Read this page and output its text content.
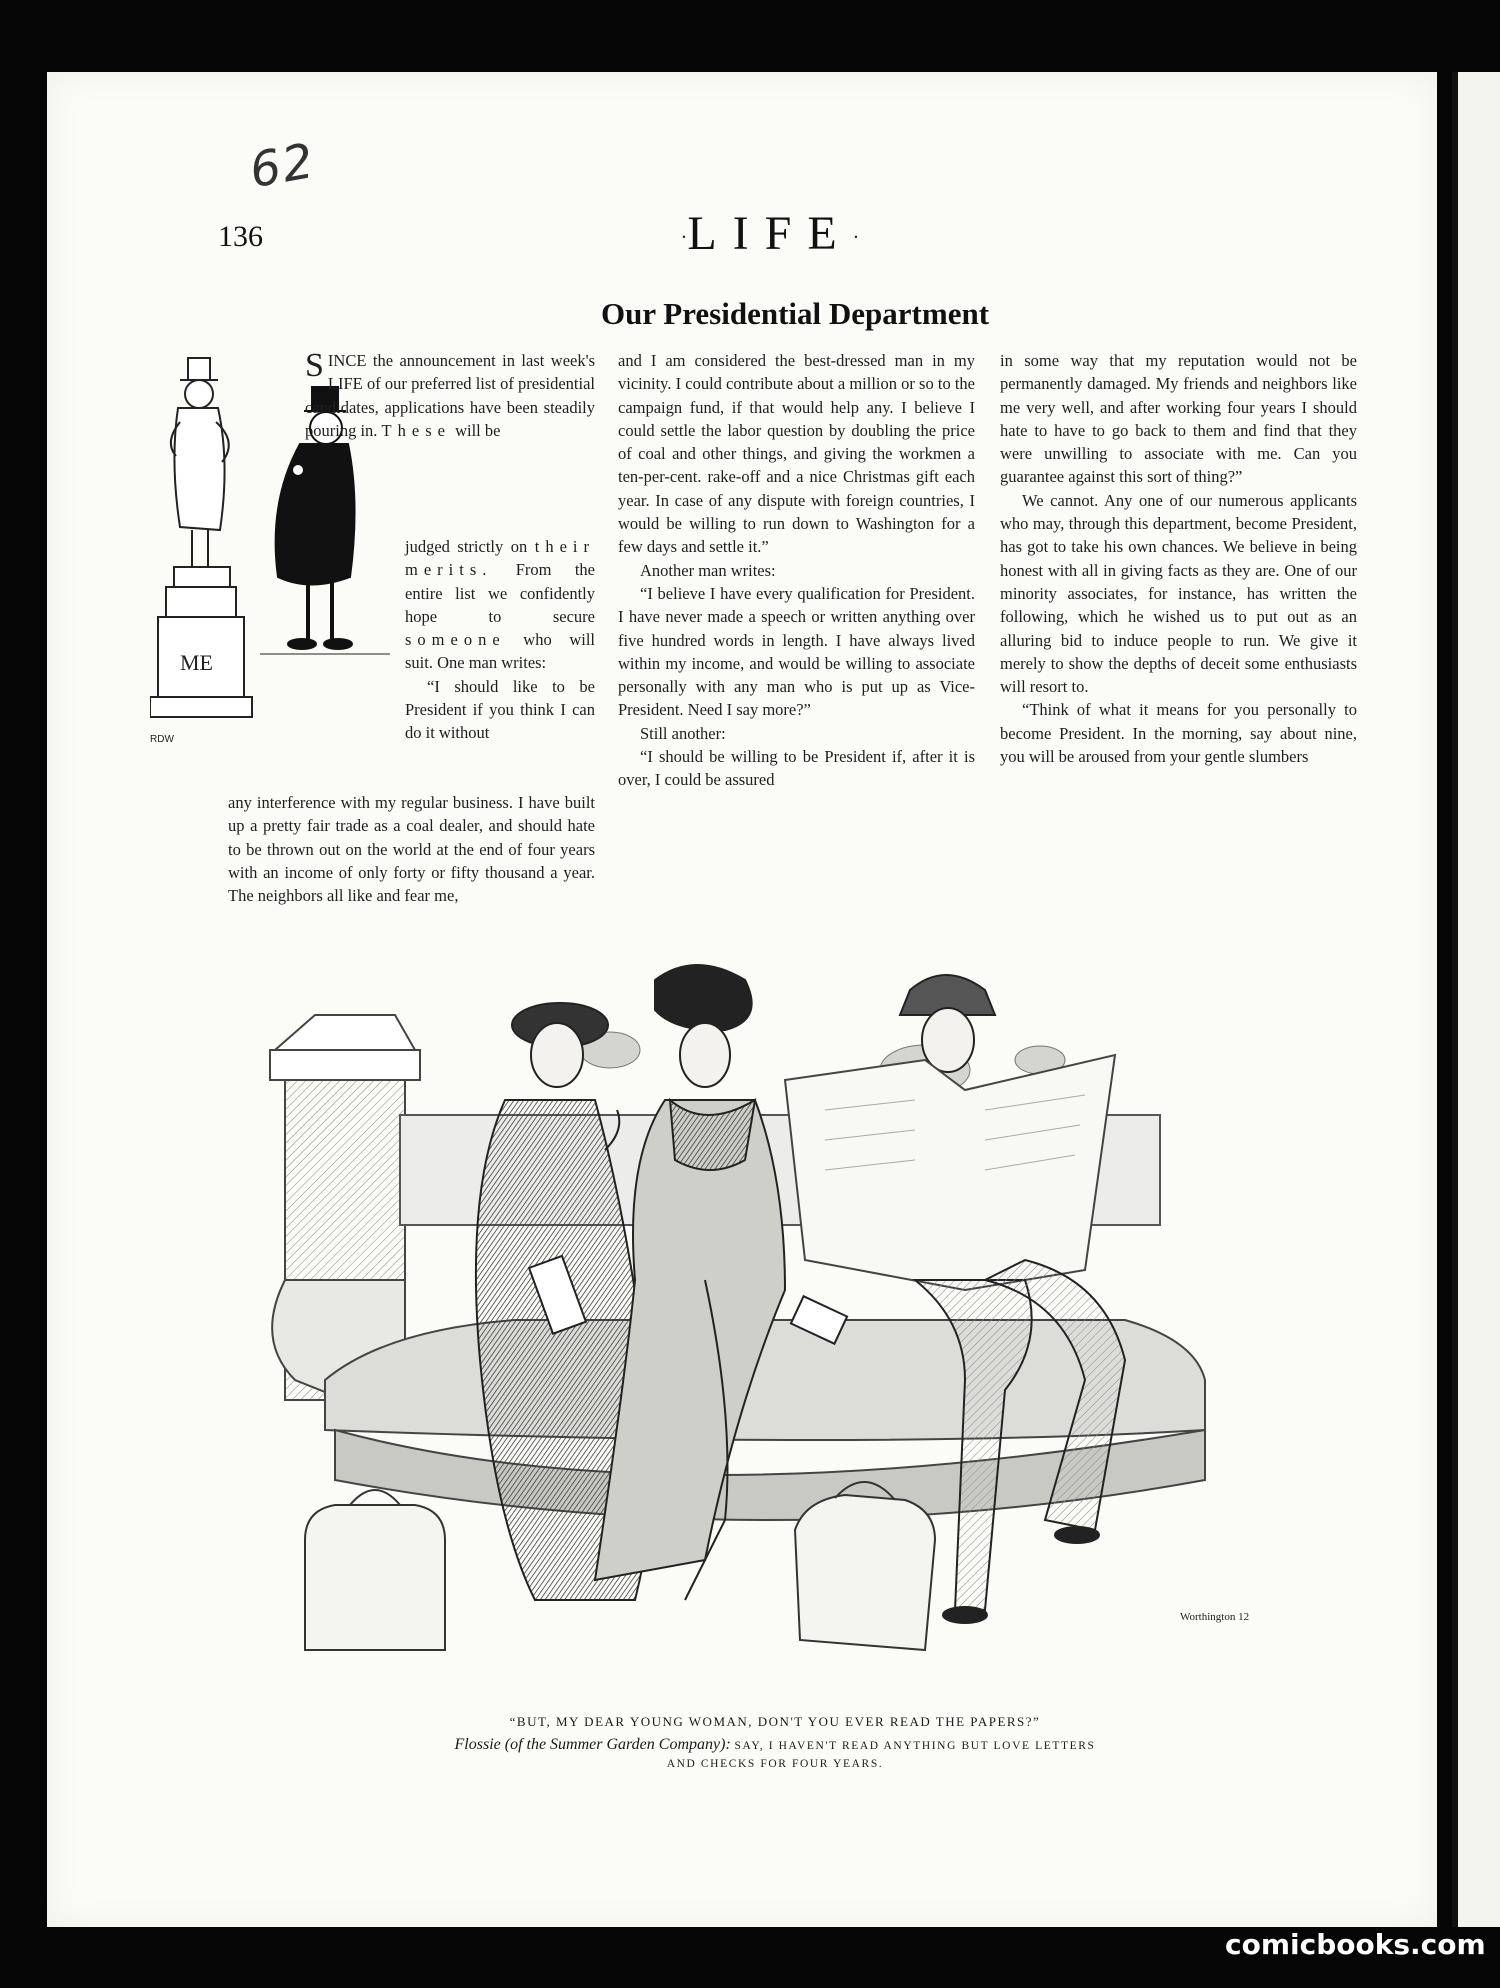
62
136	·LIFE·
Our Presidential Department
ME
RDW

SINCE the announcement in last week's LIFE of our preferred list of presidential candidates, applications have been steadily pouring in. These will be

judged strictly on their merits. From the entire list we confidently hope to secure someone who will suit. One man writes:

“I should like to be President if you think I can do it without

any interference with my regular business. I have built up a pretty fair trade as a coal dealer, and should hate to be thrown out on the world at the end of four years with an income of only forty or fifty thousand a year. The neighbors all like and fear me,

and I am considered the best-dressed man in my vicinity. I could contribute about a million or so to the campaign fund, if that would help any. I believe I could settle the labor question by doubling the price of coal and other things, and giving the workmen a ten-per-cent. rake-off and a nice Christmas gift each year. In case of any dispute with foreign countries, I would be willing to run down to Washington for a few days and settle it.”

Another man writes:

“I believe I have every qualification for President. I have never made a speech or written anything over five hundred words in length. I have always lived within my income, and would be willing to associate personally with any man who is put up as Vice-President. Need I say more?”

Still another:

“I should be willing to be President if, after it is over, I could be assured

in some way that my reputation would not be permanently damaged. My friends and neighbors like me very well, and after working four years I should hate to have to go back to them and find that they were unwilling to associate with me. Can you guarantee against this sort of thing?”

We cannot. Any one of our numerous applicants who may, through this department, become President, has got to take his own chances. We believe in being honest with all in giving facts as they are. One of our minority associates, for instance, has written the following, which he wished us to put out as an alluring bid to induce people to run. We give it merely to show the depths of deceit some enthusiasts will resort to.

“Think of what it means for you personally to become President. In the morning, say about nine, you will be aroused from your gentle slumbers

Worthington 12
“BUT, MY DEAR YOUNG WOMAN, DON'T YOU EVER READ THE PAPERS?”
Flossie (of the Summer Garden Company): SAY, I HAVEN'T READ ANYTHING BUT LOVE LETTERS
AND CHECKS FOR FOUR YEARS.
comicbooks.com
